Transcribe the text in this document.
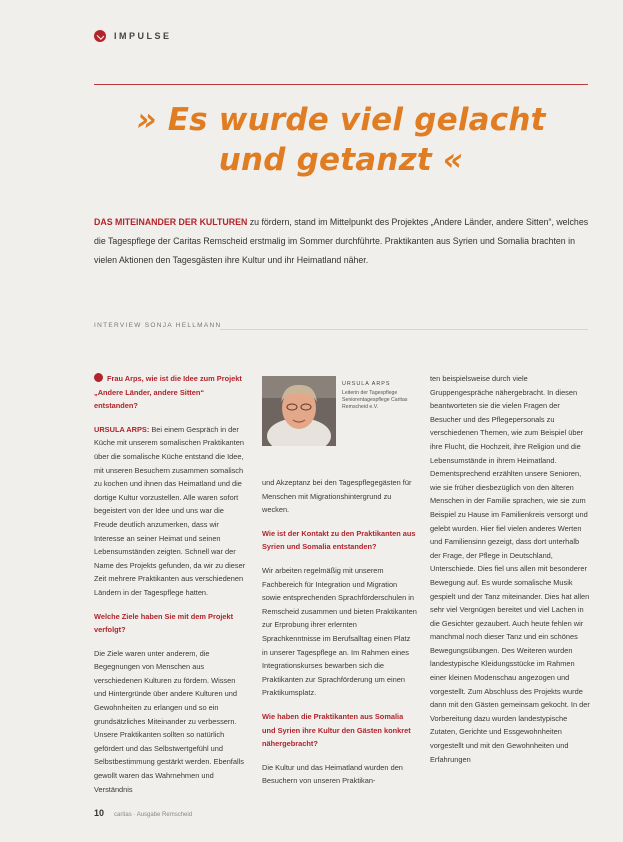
IMPULSE
» Es wurde viel gelacht
und getanzt «
DAS MITEINANDER DER KULTUREN zu fördern, stand im Mittelpunkt des Projektes „Andere Länder, andere Sitten“, welches die Tagespflege der Caritas Remscheid erstmalig im Sommer durchführte. Praktikanten aus Syrien und Somalia brachten in vielen Aktionen den Tagesgästen ihre Kultur und ihr Heimatland näher.
INTERVIEW SONJA HELLMANN

Frau Arps, wie ist die Idee zum Projekt „Andere Länder, andere Sitten“ entstanden?

URSULA ARPS: Bei einem Gespräch in der Küche mit unserem somalischen Praktikanten über die somalische Küche entstand die Idee, mit unseren Besuchern zusammen somalisch zu kochen und ihnen das Heimatland und die dortige Kultur vorzustellen. Alle waren sofort begeistert von der Idee und uns war die Freude deutlich anzumerken, dass wir Interesse an seiner Heimat und seinen Lebensumständen zeigten. Schnell war der Name des Projekts gefunden, da wir zu dieser Zeit mehrere Praktikanten aus verschiedenen Ländern in der Tagespflege hatten.

Welche Ziele haben Sie mit dem Projekt verfolgt?

Die Ziele waren unter anderem, die Begegnungen von Menschen aus verschiedenen Kulturen zu fördern. Wissen und Hintergründe über andere Kulturen und Gewohnheiten zu erlangen und so ein grundsätzliches Miteinander zu verbessern. Unsere Praktikanten sollten so natürlich gefördert und das Selbstwertgefühl und Selbstbestimmung gestärkt werden. Ebenfalls gewollt waren das Wahrnehmen und Verständnis

URSULA ARPS
Leiterin der Tagespflege Seniorentagespflege Caritas Remscheid e.V.

und Akzeptanz bei den Tagespflegegästen für Menschen mit Migrationshintergrund zu wecken.

Wie ist der Kontakt zu den Praktikanten aus Syrien und Somalia entstanden?

Wir arbeiten regelmäßig mit unserem Fachbereich für Integration und Migration sowie entsprechenden Sprachförderschulen in Remscheid zusammen und bieten Praktikanten zur Erprobung ihrer erlernten Sprachkenntnisse im Berufsalltag einen Platz in unserer Tagespflege an. Im Rahmen eines Integrationskurses bewarben sich die Praktikanten zur Sprachförderung um einen Praktikumsplatz.

Wie haben die Praktikanten aus Somalia und Syrien ihre Kultur den Gästen konkret nähergebracht?

Die Kultur und das Heimatland wurden den Besuchern von unseren Praktikan-

ten beispielsweise durch viele Gruppengespräche nähergebracht. In diesen beantworteten sie die vielen Fragen der Besucher und des Pflegepersonals zu verschiedenen Themen, wie zum Beispiel über ihre Flucht, die Hochzeit, ihre Religion und die Lebensumstände in ihrem Heimatland. Dementsprechend erzählten unsere Senioren, wie sie früher diesbezüglich von den älteren Menschen in der Familie sprachen, wie sie zum Beispiel zu Hause im Familienkreis versorgt und gelebt wurden. Hier fiel vielen anderes Werten und Familiensinn gezeigt, dass dort unterhalb der Frage, der Pflege in Deutschland, Unterschiede. Dies fiel uns allen mit besonderer Bewegung auf. Es wurde somalische Musik gespielt und der Tanz miteinander. Dies hat allen sehr viel Vergnügen bereitet und viel Lachen in die Gesichter gezaubert. Auch heute fehlen wir manchmal noch dieser Tanz und ein schönes Bewegungsübungen. Des Weiteren wurden landestypische Kleidungsstücke im Rahmen einer kleinen Modenschau angezogen und vorgestellt. Zum Abschluss des Projekts wurde dann mit den Gästen gemeinsam gekocht. In der Vorbereitung dazu wurden landestypische Zutaten, Gerichte und Essgewohnheiten vorgestellt und mit den Gewohnheiten und Erfahrungen

10 caritas · Ausgabe Remscheid
